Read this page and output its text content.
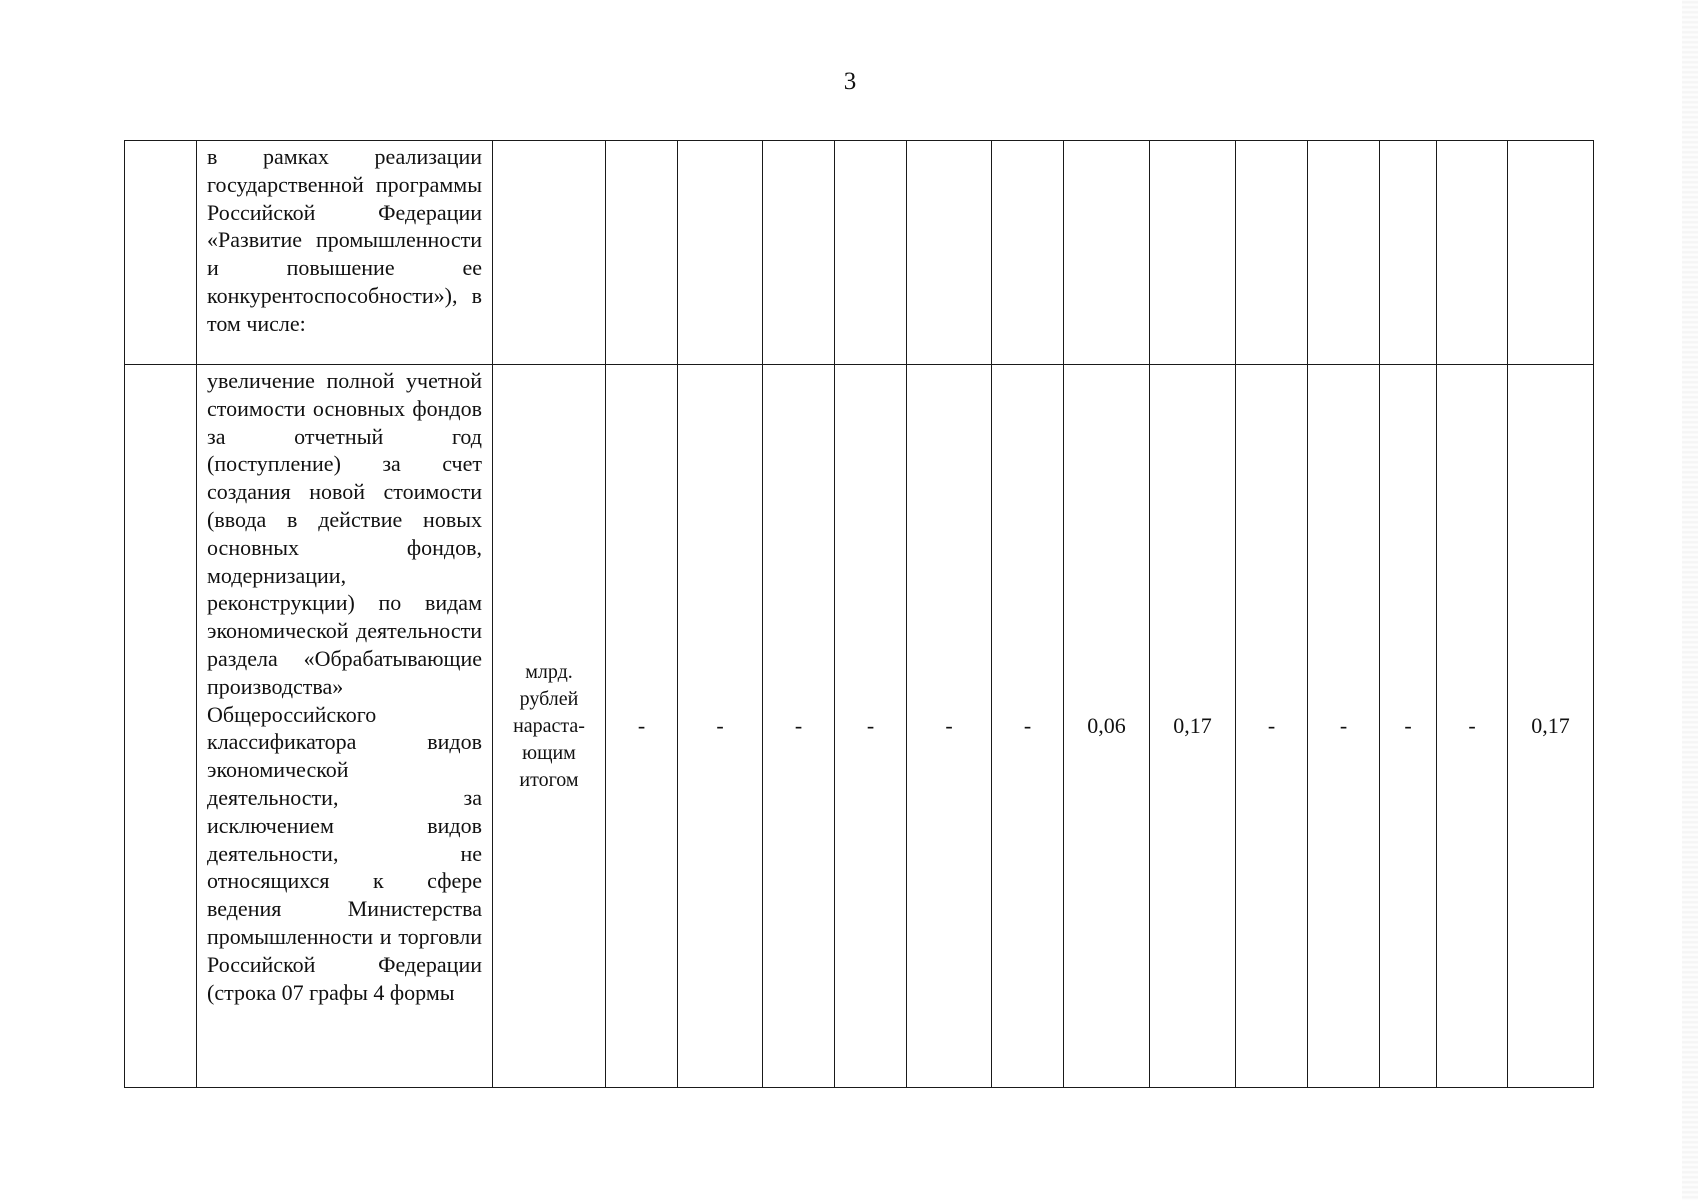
3

	в рамках реализации государственной программы Российской Федерации «Развитие промышленности и повышение ее конкурентоспособности»), в том числе:														

	увеличение полной учетной стоимости основных фондов за отчетный год (поступление) за счет создания новой стоимости (ввода в действие новых основных фондов, модернизации, реконструкции) по видам экономической деятельности раздела «Обрабатывающие производства» Общероссийского классификатора видов экономической деятельности, за исключением видов деятельности, не относящихся к сфере ведения Министерства промышленности и торговли Российской Федерации (строка 07 графы 4 формы	млрд. рублей нараста-ющим итогом	-	-	-	-	-	-	0,06	0,17	-	-	-	-	0,17
